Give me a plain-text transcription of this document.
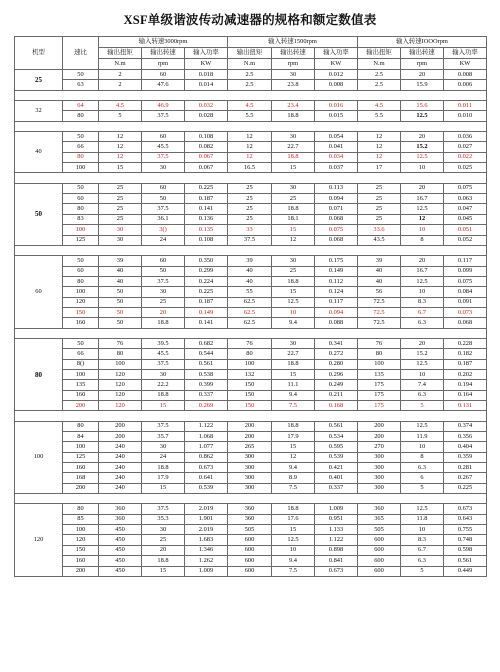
XSF单级谐波传动减速器的规格和额定数值表
机型	速比	输入转速3000rpm			输入转速1500rpm			输入转速IOOOrpm		
		输出扭矩	输出转速	输入功率	输出扭矩	输出转速	输入功率	输出扭矩	输出转速	输入功率
		N.m	rpm	KW	N.m	rpm	KW	N.m	rpm	KW
25	50	2	60	0.018	2.5	30	0.012	2.5	20	0.008
	63	2	47.6	0.014	2.5	23.8	0.008	2.5	15.9	0.006

32	64	4.5	46.9	0.032	4.5	23.4	0.016	4.5	15.6	0.011
	80	5	37.5	0.028	5.5	18.8	0.015	5.5	12.5	0.010

40	50	12	60	0.108	12	30	0.054	12	20	0.036
	66	12	45.5	0.082	12	22.7	0.041	12	15.2	0.027
	80	12	37.5	0.067	12	18.8	0.034	12	12.5	0.022
	100	15	30	0.067	16.5	15	0.037	17	10	0.025

50	50	25	60	0.225	25	30	0.113	25	20	0.075
	60	25	50	0.187	25	25	0.094	25	16.7	0.063
	80	25	37.5	0.141	25	18.8	0.071	25	12.5	0.047
	83	25	36.1	0.136	25	18.1	0.068	25	12	0.045
	100	30	3()	0.135	33	15	0.075	33.6	10	0.051
	125	30	24	0.108	37.5	12	0.068	43.5	8	0.052

60	50	39	60	0.350	39	30	0.175	39	20	0.117
	60	40	50	0.299	40	25	0.149	40	16.7	0.099
	80	40	37.5	0.224	40	18.8	0.112	40	12.5	0.075
	100	50	30	0.225	55	15	0.124	56	10	0.084
	120	50	25	0.187	62.5	12.5	0.117	72.5	8.3	0.091
	150	50	20	0.149	62.5	10	0.094	72.5	6.7	0.073
	160	50	18.8	0.141	62.5	9.4	0.088	72.5	6.3	0.068

80	50	76	39.5	0.682	76	30	0.341	76	20	0.228
	66	80	45.5	0.544	80	22.7	0.272	80	15.2	0.182
	8()	100	37.5	0.561	100	18.8	0.280	100	12.5	0.187
	100	120	30	0.538	132	15	0.296	135	10	0.202
	135	120	22.2	0.399	150	11.1	0.249	175	7.4	0.194
	160	120	18.8	0.337	150	9.4	0.211	175	6.3	0.164
	200	120	15	0.269	150	7.5	0.168	175	5	0.131

100	80	200	37.5	1.122	200	18.8	0.561	200	12.5	0.374
	84	200	35.7	1.068	200	17.9	0.534	200	11.9	0.356
	100	240	30	1.077	265	15	0.595	270	10	0.404
	125	240	24	0.862	300	12	0.539	300	8	0.359
	160	240	18.8	0.673	300	9.4	0.421	300	6.3	0.281
	168	240	17.9	0.641	300	8.9	0.401	300	6	0.267
	200	240	15	0.539	300	7.5	0.337	300	5	0.225

120	80	360	37.5	2.019	360	18.8	1.009	360	12.5	0.673
	85	360	35.3	1.901	360	17.6	0.951	365	11.8	0.643
	100	450	30	2.019	505	15	1.133	505	10	0.755
	120	450	25	1.683	600	12.5	1.122	600	8.3	0.748
	150	450	20	1.346	600	10	0.898	600	6.7	0.598
	160	450	18.8	1.262	600	9.4	0.841	600	6.3	0.561
	200	450	15	1.009	600	7.5	0.673	600	5	0.449
